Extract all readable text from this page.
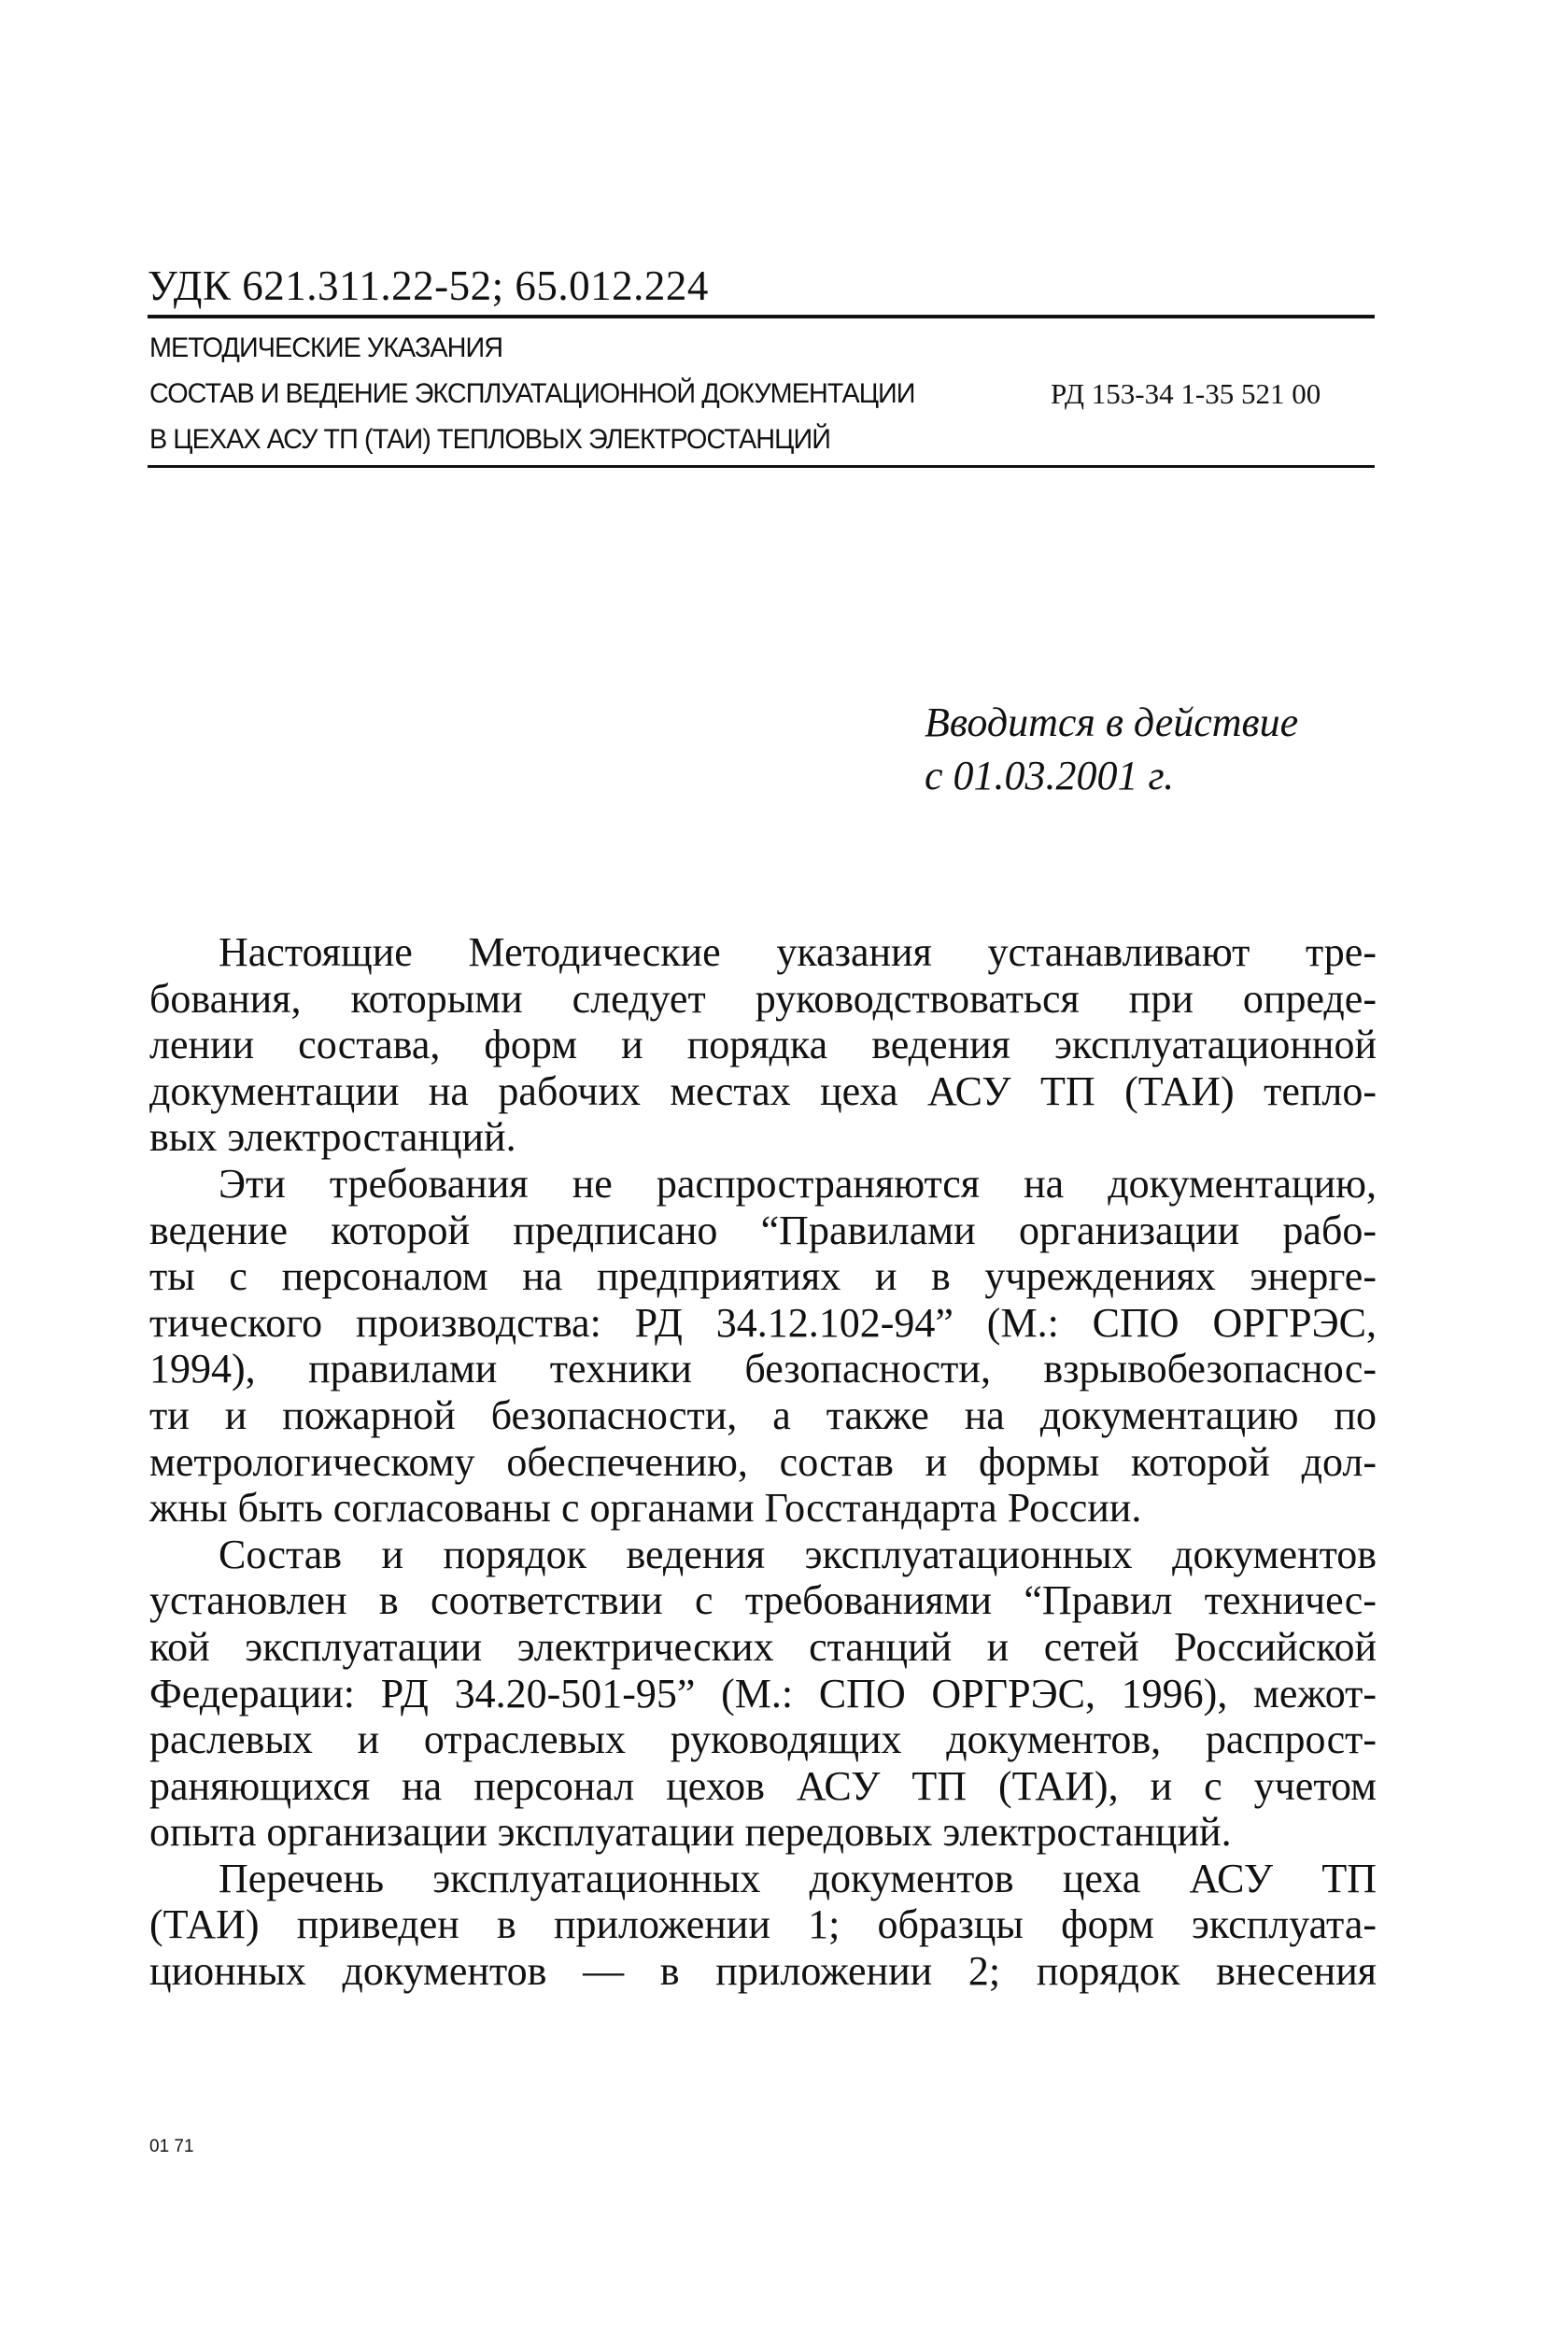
УДК 621.311.22-52; 65.012.224
МЕТОДИЧЕСКИЕ УКАЗАНИЯ
СОСТАВ И ВЕДЕНИЕ ЭКСПЛУАТАЦИОННОЙ ДОКУМЕНТАЦИИ
В ЦЕХАХ АСУ ТП (ТАИ) ТЕПЛОВЫХ ЭЛЕКТРОСТАНЦИЙ
РД 153-34 1-35 521 00
Вводится в действие
с 01.03.2001 г.
Настоящие Методические указания устанавливают тре-
бования, которыми следует руководствоваться при опреде-
лении состава, форм и порядка ведения эксплуатационной
документации на рабочих местах цеха АСУ ТП (ТАИ) тепло-
вых электростанций.
Эти требования не распространяются на документацию,
ведение которой предписано “Правилами организации рабо-
ты с персоналом на предприятиях и в учреждениях энерге-
тического производства: РД 34.12.102-94” (М.: СПО ОРГРЭС,
1994), правилами техники безопасности, взрывобезопаснос-
ти и пожарной безопасности, а также на документацию по
метрологическому обеспечению, состав и формы которой дол-
жны быть согласованы с органами Госстандарта России.
Состав и порядок ведения эксплуатационных документов
установлен в соответствии с требованиями “Правил техничес-
кой эксплуатации электрических станций и сетей Российской
Федерации: РД 34.20-501-95” (М.: СПО ОРГРЭС, 1996), межот-
раслевых и отраслевых руководящих документов, распрост-
раняющихся на персонал цехов АСУ ТП (ТАИ), и с учетом
опыта организации эксплуатации передовых электростанций.
Перечень эксплуатационных документов цеха АСУ ТП
(ТАИ) приведен в приложении 1; образцы форм эксплуата-
ционных документов — в приложении 2; порядок внесения
01 71
